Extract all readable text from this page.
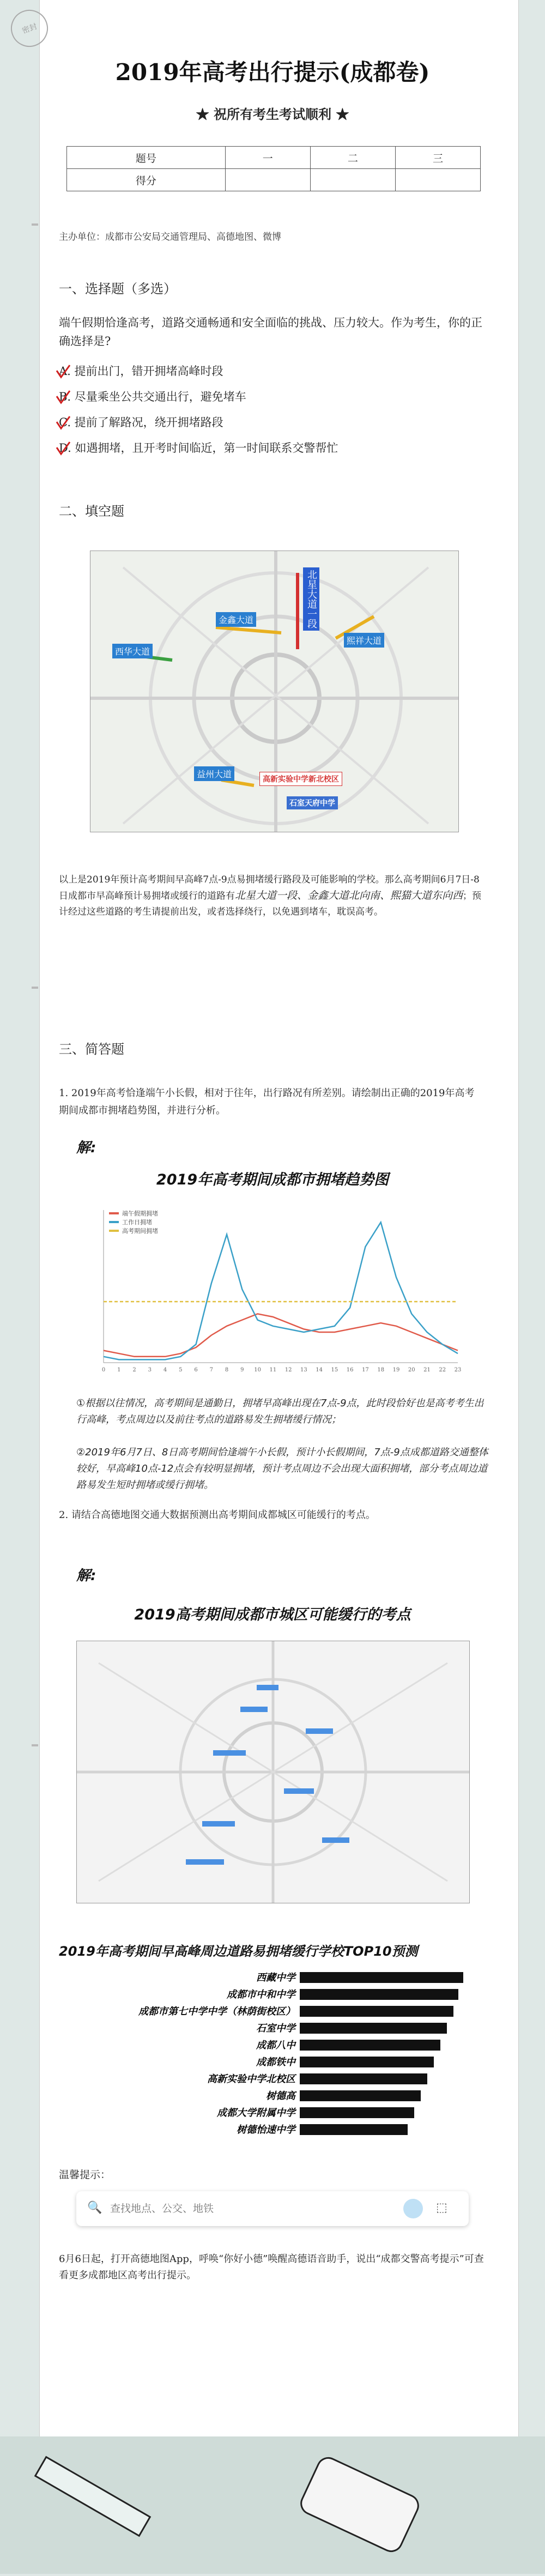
密封
2019年高考出行提示(成都卷)
★ 祝所有考生考试顺利 ★
题号	一	二	三
得分			
主办单位：成都市公安局交通管理局、高德地图、微博
一、选择题（多选）
端午假期恰逢高考，道路交通畅通和安全面临的挑战、压力较大。作为考生，你的正确选择是?
A. 提前出门，错开拥堵高峰时段
B. 尽量乘坐公共交通出行，避免堵车
C. 提前了解路况，绕开拥堵路段
D. 如遇拥堵，且开考时间临近，第一时间联系交警帮忙
二、填空题
北星大道一段
金鑫大道
西华大道
熙祥大道
益州大道	高新实验中学新北校区
石室天府中学
以上是2019年预计高考期间早高峰7点-9点易拥堵缓行路段及可能影响的学校。那么高考期间6月7日-8日成都市早高峰预计易拥堵或缓行的道路有北星大道一段、金鑫大道北向南、熙猫大道东向西；预计经过这些道路的考生请提前出发，或者选择绕行，以免遇到堵车，耽误高考。
三、简答题
1. 2019年高考恰逢端午小长假，相对于往年，出行路况有所差别。请绘制出正确的2019年高考期间成都市拥堵趋势图，并进行分析。
解:
2019年高考期间成都市拥堵趋势图
0 1 2 3 4 5 6 7 8 9 10 11 12 13 14 15 16 17 18 19 20 21 22 23
端午假期拥堵
工作日拥堵
高考期间拥堵
①根据以往情况，高考期间是通勤日，拥堵早高峰出现在7点-9点，此时段恰好也是高考考生出行高峰，考点周边以及前往考点的道路易发生拥堵缓行情况；
②2019年6月7日、8日高考期间恰逢端午小长假，预计小长假期间，7点-9点成都道路交通整体较好，早高峰10点-12点会有较明显拥堵，预计考点周边不会出现大面积拥堵，部分考点周边道路易发生短时拥堵或缓行拥堵。
2. 请结合高德地图交通大数据预测出高考期间成都城区可能缓行的考点。
解:
2019高考期间成都市城区可能缓行的考点
2019年高考期间早高峰周边道路易拥堵缓行学校TOP10预测
西藏中学
成都市中和中学
成都市第七中学中学（林荫街校区）
石室中学
成都八中
成都铁中
高新实验中学北校区
树德高
成都大学附属中学
树德怡速中学
温馨提示：
🔍
查找地点、公交、地铁	⬚
6月6日起，打开高德地图App，呼唤“你好小德”唤醒高德语音助手，说出“成都交警高考提示”可查看更多成都地区高考出行提示。
